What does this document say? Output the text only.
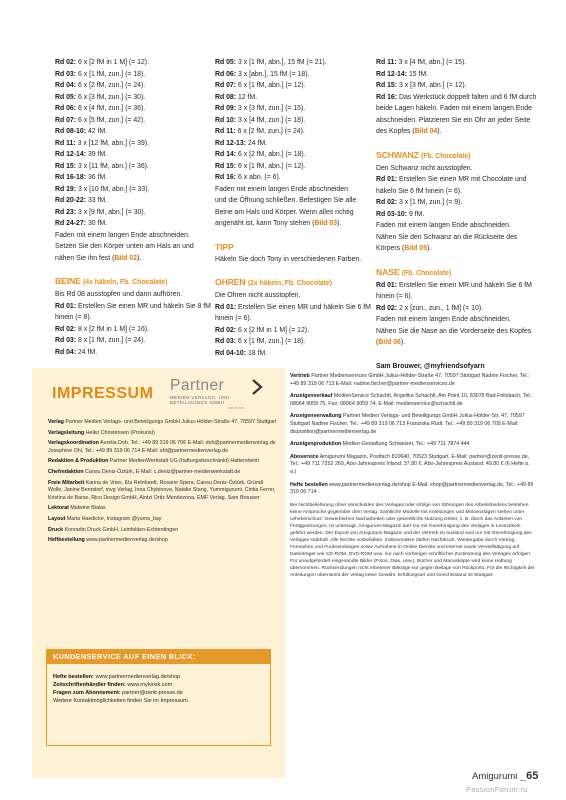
Rd 02: 6 x [2 fM in 1 M] (= 12).
Rd 03: 6 x [1 fM, zun.] (= 18).
Rd 04: 6 x [2 fM, zun.] (= 24).
Rd 05: 6 x [3 fM, zun.] (= 30).
Rd 06: 6 x [4 fM, zun.] (= 36).
Rd 07: 6 x [5 fM, zun.] (= 42).
Rd 08-10: 42 fM.
Rd 11: 3 x [12 fM, abn.] (= 39).
Rd 12-14: 39 fM.
Rd 15: 3 x [11 fM, abn.] (= 36).
Rd 16-18: 36 fM.
Rd 19: 3 x [10 fM, abn.] (= 33).
Rd 20-22: 33 fM.
Rd 23: 3 x [9 fM, abn.] (= 30).
Rd 24-27: 30 fM.
Faden mit einem langen Ende abschneiden.
Setzen Sie den Körper unten am Hals an und
nähen Sie ihn fest (Bild 02).
BEINE (4x häkeln, Fb. Chocolate)
Bis Rd 08 ausstopfen und dann aufhören.
Rd 01: Erstellen Sie einen MR und häkeln Sie 8 fM hinein (= 8).
Rd 02: 8 x [2 fM in 1 M] (= 16).
Rd 03: 8 x [1 fM, zun.] (= 24).
Rd 04: 24 fM.
Rd 05: 3 x [1 fM, abn.], 15 fM (= 21).
Rd 06: 3 x [abn.], 15 fM (= 18).
Rd 07: 6 x [1 fM, abn.] (= 12).
Rd 08: 12 fM.
Rd 09: 3 x [3 fM, zun.] (= 15).
Rd 10: 3 x [4 fM, zun.] (= 18).
Rd 11: 6 x [2 fM, zun.] (= 24).
Rd 12-13: 24 fM.
Rd 14: 6 x [2 fM, abn.] (= 18).
Rd 15: 6 x [1 fM, abn.] (= 12).
Rd 16: 6 x abn. (= 6).
Faden mit einem langen Ende abschneiden
und die Öffnung schließen. Befestigen Sie alle
Beine am Hals und Körper. Wenn alles richtig
angenäht ist, kann Tony stehen (Bild 03).
TIPP
Häkeln Sie doch Tony in verschiedenen Farben.
OHREN (2x häkeln, Fb. Chocolate)
Die Ohren nicht ausstopfen.
Rd 01: Erstellen Sie einen MR und häkeln Sie 6 fM hinein (= 6).
Rd 02: 6 x [2 fM in 1 M] (= 12).
Rd 03: 6 x [1 fM, zun.] (= 18).
Rd 04-10: 18 fM.
Rd 11: 3 x [4 fM, abn.] (= 15).
Rd 12-14: 15 fM.
Rd 15: 3 x [3 fM, abn.] (= 12).
Rd 16: Das Werkstück doppelt falten und 6 fM durch beide Lagen häkeln. Faden mit einem langen Ende abschneiden. Platzieren Sie ein Ohr an jeder Seite des Kopfes (Bild 04).
SCHWANZ (Fb. Chocolate)
Den Schwanz nicht ausstopfen.
Rd 01: Erstellen Sie einen MR mit Chocolate und häkeln Sie 6 fM hinein (= 6).
Rd 02: 3 x [1 fM, zun.] (= 9).
Rd 03-10: 9 fM.
Faden mit einem langen Ende abschneiden.
Nähen Sie den Schwanz an die Rückseite des
Körpers (Bild 05).
NASE (Fb. Chocolate)
Rd 01: Erstellen Sie einen MR und häkeln Sie 6 fM hinein (= 6).
Rd 02: 2 x [zun., zun., 1 fM] (= 10).
Faden mit einem langen Ende abschneiden.
Nähen Sie die Nase an die Vorderseite des Kopfes (Bild 06).
Sam Brouwer, @myfriendsofyarn
IMPRESSUM Partner
MEDIEN VERLAGS- UND
BETEILIGUNGS GMBH
part of mvs
Verlag Partner Medien Verlags- und Beteiligungs GmbH Julius-Hölder-Straße 47, 70597 Stuttgart
Verlagsleitung Heiko Christensen (Prokurist)
Verlagskoordination Aurelia Doh, Tel.: +49 89 319 06 706 E-Mail: doh@partnermedienverlag.de Josephine Ohl, Tel.: +49 89 319 06 714 E-Mail: ohl@partnermedienverlag.de
Redaktion & Produktion Partner MedienWerkstatt UG (haftungsbeschränkt) Hattersheim
Chefredaktion Cansu Deniz-Öztürk, E-Mail: c.deniz@partner-medienwerkstatt.de
Freie Mitarbeit Karina de Vries, Ela Reinhardt, Rosane Spera, Cansu Deniz-Öztürk, Gründl Wolle, Janine Benndorf, mvg Verlag, Inna Chybinova, Natalie Stang, Yummigurumi, Cintia Ferrer, Kristina de Barse, Rico Design GmbH, Aintzi Ortiz Mendezona, EMF Verlag, Sam Brouwer
Lektorat Malwine Bialas
Layout Maria Haedicke, Instagram @yuma_bay
Druck Konradin Druck GmbH, Leinfelden-Echterdingen
Heftbestellung www.partnermedienverlag.de/shop
KUNDENSERVICE AUF EINEN BLICK:
Hefte bestellen: www.partnermedienverlag.de/shop
Zeitschriftenhändler finden: www.mykiosk.com
Fragen zum Abonnement: partner@zenit-presse.de
Weitere Kontaktmöglichkeiten finden Sie im Impressum.
Vertrieb Partner Medienservices GmbH Julius-Hölder-Straße 47, 70597 Stuttgart Nadine Fischer, Tel.: +49 89 319 06 713 E-Mail: nadine.fischer@partner-medienservices.de
Anzeigenverkauf MedienService Schachtl, Angelika Schachtl, Am Point 10, 83075 Bad Feilnbach, Tel.: 08064 9059 75, Fax: 08064 9059 74, E-Mail: medienservice@schachtl.de
Anzeigenverwaltung Partner Medien Verlags- und Beteiligungs GmbH Julius-Hölder-Str. 47, 70597 Stuttgart Nadine Fischer, Tel.: +49 89 319 06 713 Franziska Rüdt, Tel.: +49 89 319 06 709 E-Mail: disposition@partnermedienverlag.de
Anzeigenproduktion Medien-Gestaltung Schweizer, Tel.: +49 711 7874 444
Aboservice Amigurumi Magazin, Postfach 810640, 70523 Stuttgart, E-Mail: partner@zenit-presse.de, Tel.: +49 711 7252 269, Abo-Jahrespreis Inland: 37,80 €, Abo-Jahrespreis Ausland: 49,80 € (6 Hefte p. a.)
Hefte bestellen www.partnermedienverlag.de/shop E-Mail: shop@partnermedienverlag.de, Tel.: +49 89 319 06 714
Bei Nichtbelieferung ohne Verschulden des Verlages oder infolge von Störungen des Arbeitsfriedens bestehen keine Ansprüche gegenüber dem Verlag. Sämtliche Modelle mit Anleitungen und Motivvorlagen stehen unter Urheberschutz. Gewerbliches Nacharbeiten oder gewerbliche Nutzung Dritter, z. B. durch das Anbieten von Fertigpackungen, ist untersagt. Amigurumi Magazin darf nur mit Genehmigung des Verlages in Lesezirkeln geführt werden. Der Export von Amigurumi Magazin und der Vertrieb im Ausland sind nur mit Genehmigung des Verlages statthaft. Alle Rechte vorbehalten. Insbesondere dürfen Nachdruck, Wiedergabe durch Vortrag, Fernsehen und Funksendungen sowie Aufnahme in Online Dienste und Internet sowie Vervielfältigung auf Datenträger wie CD-ROM, DVD-ROM usw. nur nach vorheriger schriftlicher Zustimmung des Verlages erfolgen. Für unaufgefordert eingesandte Bilder (Fotos, Dias, usw.), Bücher und Manuskripte wird keine Haftung übernommen. Rücksendungen nicht erbetener Beiträge nur gegen Beilage von Rückporto. Für die Richtigkeit der Anleitungen übernimmt der Verlag keine Gewähr. Erfüllungsort und Gerichtsstand ist Stuttgart.
Amigurumi _65
PassionForum.ru
